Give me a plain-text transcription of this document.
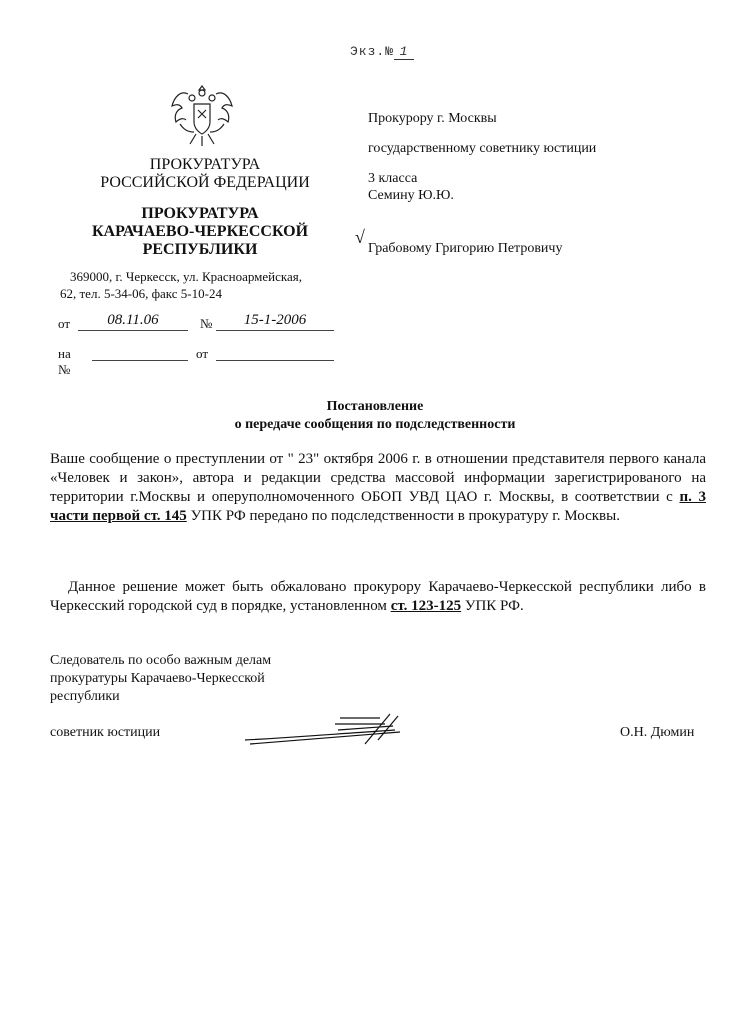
Экз.№ 1
ПРОКУРАТУРА
РОССИЙСКОЙ ФЕДЕРАЦИИ
ПРОКУРАТУРА
КАРАЧАЕВО-ЧЕРКЕССКОЙ
РЕСПУБЛИКИ
369000, г. Черкесск, ул. Красноармейская,
62, тел. 5-34-06, факс 5-10-24
от	08.11.06	№	15-1-2006
на №
от
Прокурору г. Москвы
государственному советнику юстиции
3 класса
Семину Ю.Ю.
√
Грабовому Григорию Петровичу
Постановление
о передаче сообщения по подследственности
Ваше сообщение о преступлении от " 23" октября 2006 г. в отношении представителя первого канала «Человек и закон», автора и редакции средства массовой информации зарегистрированого на территории г.Москвы и оперуполномоченного ОБОП УВД ЦАО г. Москвы, в соответствии с п. 3 части первой ст. 145 УПК РФ передано по подследственности в прокуратуру г. Москвы.
Данное решение может быть обжаловано прокурору Карачаево-Черкесской республики либо в Черкесский городской суд в порядке, установленном ст. 123-125 УПК РФ.
Следователь по особо важным делам
прокуратуры Карачаево-Черкесской
республики
советник юстиции	О.Н. Дюмин
